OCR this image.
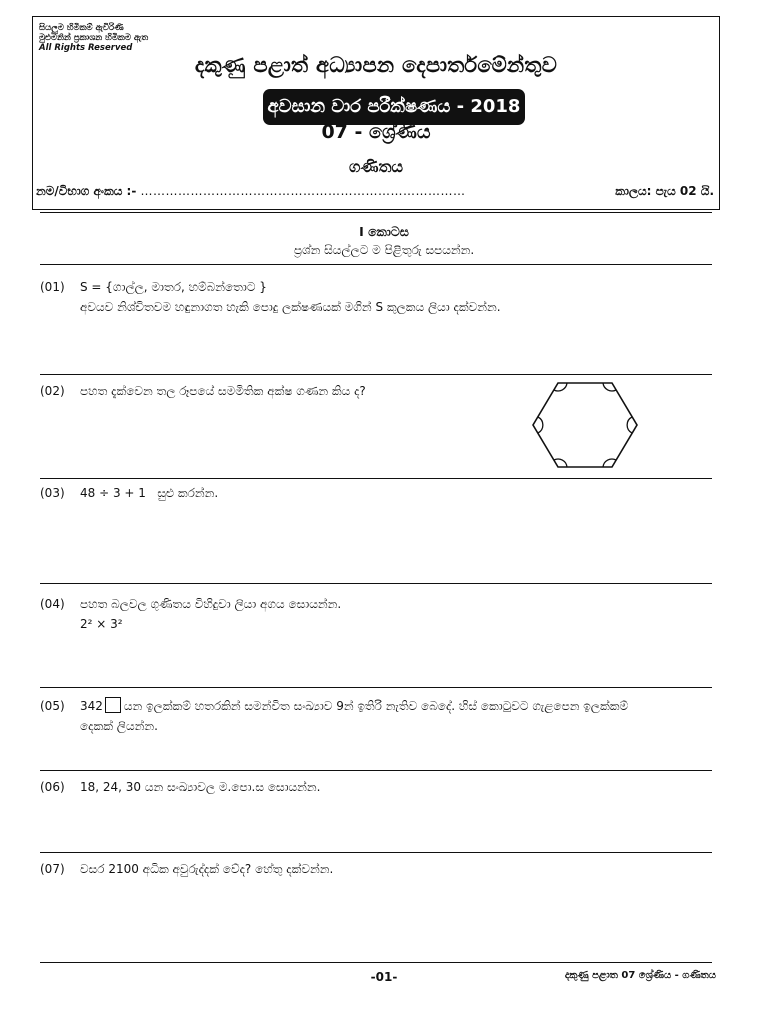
සියලුම හිමිකම් ඇවිරිණි
මුළුමනින් ප්‍රකාශන හිමිකම ඇත
All Rights Reserved
දකුණු පළාත් අධ්‍යාපන දෙපාර්තමේන්තුව
අවසාන වාර පරීක්ෂණය - 2018
07 - ශ්‍රේණිය
ගණිතය
නම/විභාග අංකය :- ……………………………………………………………………	කාලය: පැය 02 යි.
I කොටස
ප්‍රශ්න සියල්ලට ම පිළිතුරු සපයන්න.
(01) S = {ගාල්ල, මාතර, හම්බන්තොට }
අවයව නිශ්චිතවම හඳුනාගත හැකි පොදු ලක්ෂණයක් මගින් S කුලකය ලියා දක්වන්න.
(02) පහත දැක්වෙන තල රූපයේ සමමිතික අක්ෂ ගණන කිය ද?
(03) 48 ÷ 3 + 1   සුළු කරන්න.
(04) පහත බලවල ගුණිතය විහිදුවා ලියා අගය සොයන්න.
2² × 3²
(05) 342 යන ඉලක්කම් හතරකින් සමන්විත සංඛ්‍යාව 9න් ඉතිරි නැතිව බෙදේ. හිස් කොටුවට ගැළපෙන ඉලක්කම්
දෙකක් ලියන්න.
(06) 18, 24, 30 යන සංඛ්‍යාවල ම.පො.ස සොයන්න.
(07) වසර 2100 අධික අවුරුද්දක් වේද? හේතු දක්වන්න.
-01-	දකුණු පළාත 07 ශ්‍රේණිය - ගණිතය
